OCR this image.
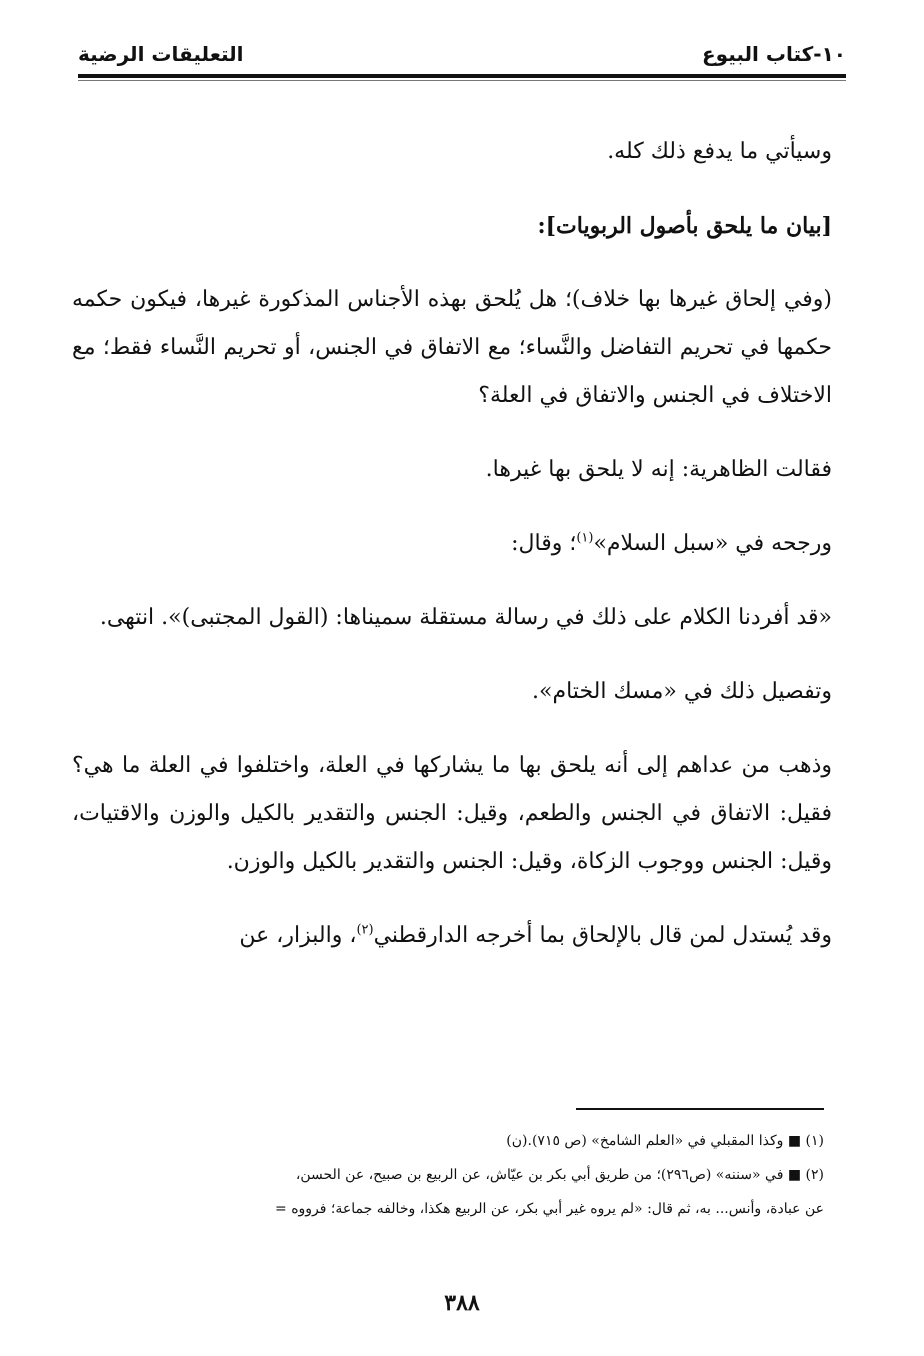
١٠-كتاب البيوع
التعليقات الرضية

وسيأتي ما يدفع ذلك كله.

[بيان ما يلحق بأصول الربويات]:

(وفي إلحاق غيرها بها خلاف)؛ هل يُلحق بهذه الأجناس المذكورة غيرها، فيكون حكمه حكمها في تحريم التفاضل والنَّساء؛ مع الاتفاق في الجنس، أو تحريم النَّساء فقط؛ مع الاختلاف في الجنس والاتفاق في العلة؟

فقالت الظاهرية: إنه لا يلحق بها غيرها.

ورجحه في «سبل السلام»$^{(١)}$؛ وقال:

«قد أفردنا الكلام على ذلك في رسالة مستقلة سميناها: (القول المجتبى)». انتهى.

وتفصيل ذلك في «مسك الختام».

وذهب من عداهم إلى أنه يلحق بها ما يشاركها في العلة، واختلفوا في العلة ما هي؟ فقيل: الاتفاق في الجنس والطعم، وقيل: الجنس والتقدير بالكيل والوزن والاقتيات، وقيل: الجنس ووجوب الزكاة، وقيل: الجنس والتقدير بالكيل والوزن.

وقد يُستدل لمن قال بالإلحاق بما أخرجه الدارقطني$^{(٢)}$، والبزار، عن

(١) ■ وكذا المقبلي في «العلم الشامخ» (ص ٧١٥).(ن)

(٢) ■ في «سننه» (ص٢٩٦)؛ من طريق أبي بكر بن عيّاش، عن الربيع بن صبيح، عن الحسن،

عن عبادة، وأنس... به، ثم قال: «لم يروه غير أبي بكر، عن الربيع هكذا، وخالفه جماعة؛ فرووه =

٣٨٨
